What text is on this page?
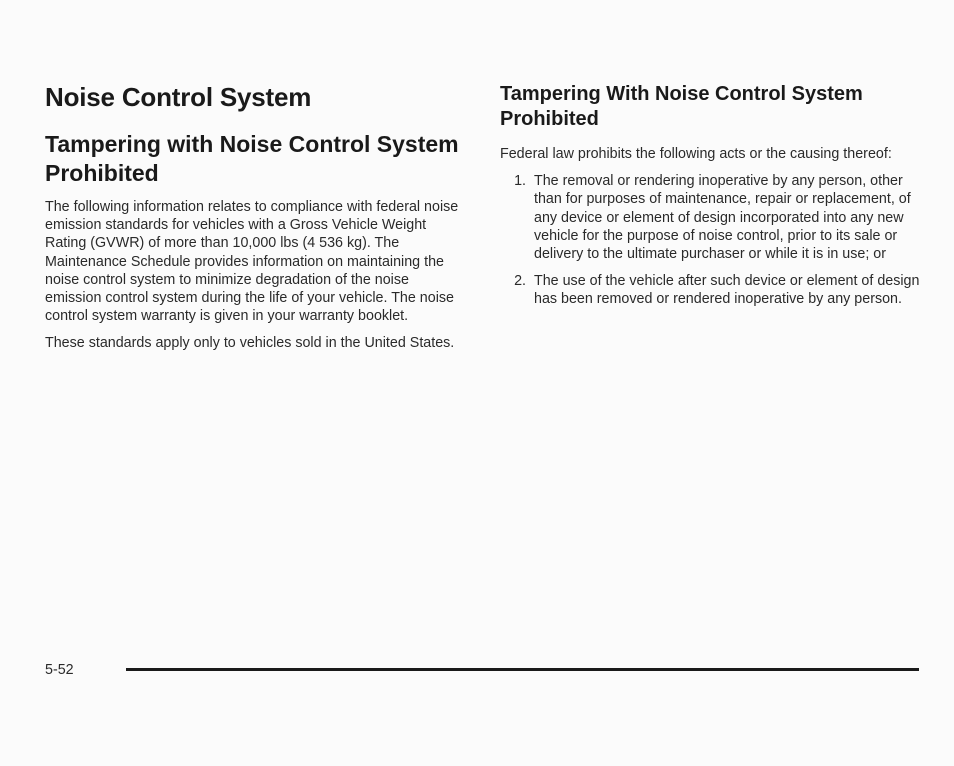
Noise Control System
Tampering with Noise Control System Prohibited

The following information relates to compliance with federal noise emission standards for vehicles with a Gross Vehicle Weight Rating (GVWR) of more than 10,000 lbs (4 536 kg). The Maintenance Schedule provides information on maintaining the noise control system to minimize degradation of the noise emission control system during the life of your vehicle. The noise control system warranty is given in your warranty booklet.

These standards apply only to vehicles sold in the United States.

Tampering With Noise Control System Prohibited

Federal law prohibits the following acts or the causing thereof:

1. The removal or rendering inoperative by any person, other than for purposes of maintenance, repair or replacement, of any device or element of design incorporated into any new vehicle for the purpose of noise control, prior to its sale or delivery to the ultimate purchaser or while it is in use; or
2. The use of the vehicle after such device or element of design has been removed or rendered inoperative by any person.
5-52
